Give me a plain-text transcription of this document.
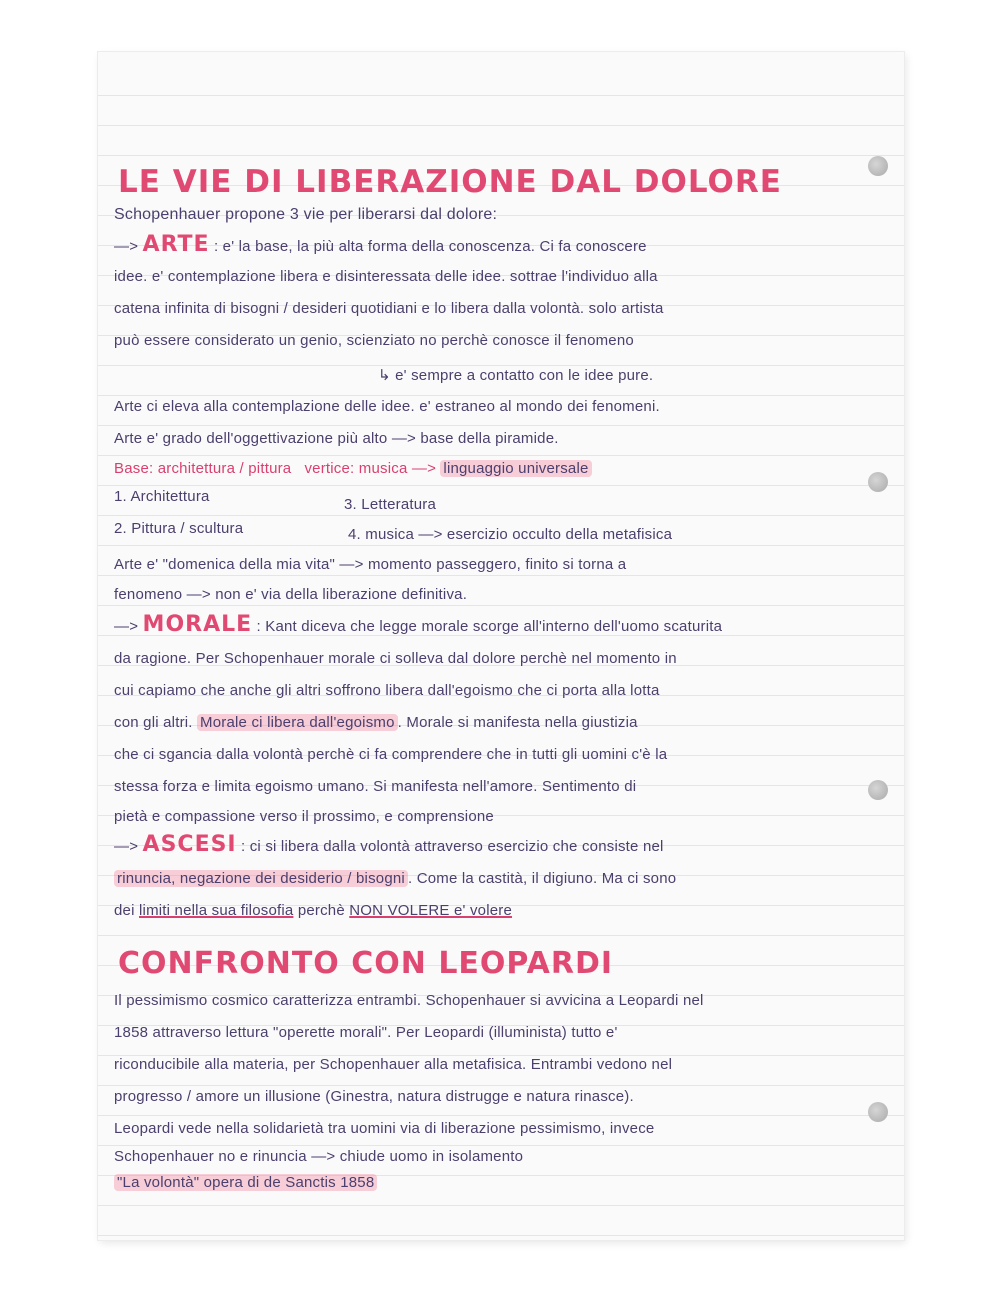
LE VIE DI LIBERAZIONE DAL DOLORE
Schopenhauer propone 3 vie per liberarsi dal dolore:
—> ARTE : e' la base, la più alta forma della conoscenza. Ci fa conoscere
idee. e' contemplazione libera e disinteressata delle idee. sottrae l'individuo alla
catena infinita di bisogni / desideri quotidiani e lo libera dalla volontà. solo artista
può essere considerato un genio, scienziato no perchè conosce il fenomeno
↳ e' sempre a contatto con le idee pure.
Arte ci eleva alla contemplazione delle idee. e' estraneo al mondo dei fenomeni.
Arte e' grado dell'oggettivazione più alto —> base della piramide.
Base: architettura / pittura vertice: musica —> linguaggio universale
1. Architettura	3. Letteratura
2. Pittura / scultura	4. musica —> esercizio occulto della metafisica
Arte e' "domenica della mia vita" —> momento passeggero, finito si torna a
fenomeno —> non e' via della liberazione definitiva.
—> MORALE : Kant diceva che legge morale scorge all'interno dell'uomo scaturita
da ragione. Per Schopenhauer morale ci solleva dal dolore perchè nel momento in
cui capiamo che anche gli altri soffrono libera dall'egoismo che ci porta alla lotta
con gli altri. Morale ci libera dall'egoismo . Morale si manifesta nella giustizia
che ci sgancia dalla volontà perchè ci fa comprendere che in tutti gli uomini c'è la
stessa forza e limita egoismo umano. Si manifesta nell'amore. Sentimento di
pietà e compassione verso il prossimo, e comprensione
—> ASCESI : ci si libera dalla volontà attraverso esercizio che consiste nel
rinuncia, negazione dei desiderio / bisogni . Come la castità, il digiuno. Ma ci sono
dei limiti nella sua filosofia perchè NON VOLERE e' volere
CONFRONTO CON LEOPARDI
Il pessimismo cosmico caratterizza entrambi. Schopenhauer si avvicina a Leopardi nel
1858 attraverso lettura "operette morali". Per Leopardi (illuminista) tutto e'
riconducibile alla materia, per Schopenhauer alla metafisica. Entrambi vedono nel
progresso / amore un illusione (Ginestra, natura distrugge e natura rinasce).
Leopardi vede nella solidarietà tra uomini via di liberazione pessimismo, invece
Schopenhauer no e rinuncia —> chiude uomo in isolamento
"La volontà" opera di de Sanctis 1858
